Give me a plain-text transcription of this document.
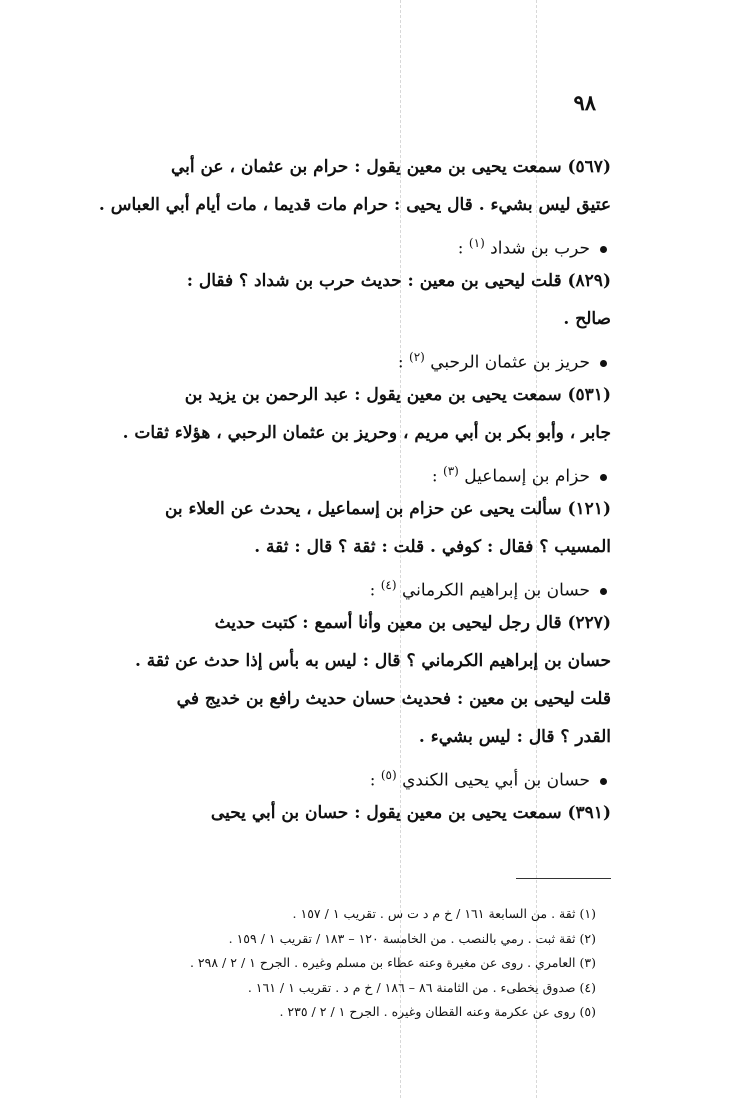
٩٨
(٥٦٧) سمعت يحيى بن معين يقول : حرام بن عثمان ، عن أبي
عتيق ليس بشيء . قال يحيى : حرام مات قديما ، مات أيام أبي العباس .
حرب بن شداد $^{(١)}$ :
(٨٢٩) قلت ليحيى بن معين : حديث حرب بن شداد ؟ فقال :
صالح .
حريز بن عثمان الرحبي $^{(٢)}$ :
(٥٣١) سمعت يحيى بن معين يقول : عبد الرحمن بن يزيد بن
جابر ، وأبو بكر بن أبي مريم ، وحريز بن عثمان الرحبي ، هؤلاء ثقات .
حزام بن إسماعيل $^{(٣)}$ :
(١٢١) سألت يحيى عن حزام بن إسماعيل ، يحدث عن العلاء بن
المسيب ؟ فقال : كوفي . قلت : ثقة ؟ قال : ثقة .
حسان بن إبراهيم الكرماني $^{(٤)}$ :
(٢٢٧) قال رجل ليحيى بن معين وأنا أسمع : كتبت حديث
حسان بن إبراهيم الكرماني ؟ قال : ليس به بأس إذا حدث عن ثقة .
قلت ليحيى بن معين : فحديث حسان حديث رافع بن خديج في
القدر ؟ قال : ليس بشيء .
حسان بن أبي يحيى الكندي $^{(٥)}$ :
(٣٩١) سمعت يحيى بن معين يقول : حسان بن أبي يحيى
(١) ثقة . من السابعة ١٦١ / خ م د ت س . تقريب ١ / ١٥٧ .
(٢) ثقة ثبت . رمي بالنصب . من الخامسة ١٢٠ – ١٨٣ / تقريب ١ / ١٥٩ .
(٣) العامري . روى عن مغيرة وعنه عطاء بن مسلم وغيره . الجرح ١ / ٢ / ٢٩٨ .
(٤) صدوق يخطىء . من الثامنة ٨٦ – ١٨٦ / خ م د . تقريب ١ / ١٦١ .
(٥) روى عن عكرمة وعنه القطان وغيره . الجرح ١ / ٢ / ٢٣٥ .
